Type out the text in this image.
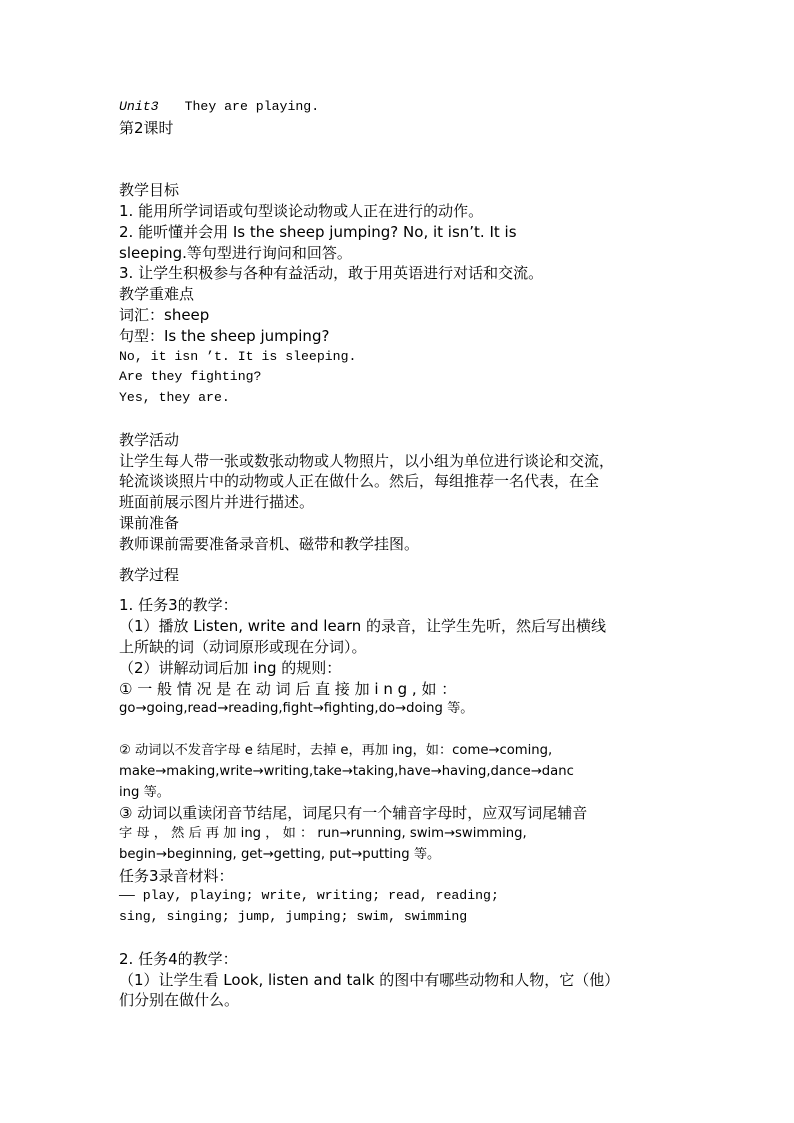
Unit3 They are playing.
第2课时
教学目标
1. 能用所学词语或句型谈论动物或人正在进行的动作。
2. 能听懂并会用 Is the sheep jumping? No, it isn’t. It is
sleeping.等句型进行询问和回答。
3. 让学生积极参与各种有益活动，敢于用英语进行对话和交流。
教学重难点
词汇：sheep
句型：Is the sheep jumping?
No, it isn ’t. It is sleeping.
Are they fighting?
Yes, they are.
教学活动
让学生每人带一张或数张动物或人物照片，以小组为单位进行谈论和交流，
轮流谈谈照片中的动物或人正在做什么。然后，每组推荐一名代表，在全
班面前展示图片并进行描述。
课前准备
教师课前需要准备录音机、磁带和教学挂图。
教学过程
1. 任务3的教学：
（1）播放 Listen, write and learn 的录音，让学生先听，然后写出横线
上所缺的词（动词原形或现在分词）。
（2）讲解动词后加 ing 的规则：
① 一 般 情 况 是 在 动 词 后 直 接 加 i n g , 如 ：
go→going,read→reading,fight→fighting,do→doing 等。
② 动词以不发音字母 e 结尾时，去掉 e，再加 ing，如：come→coming,
make→making,write→writing,take→taking,have→having,dance→danc
ing 等。
③ 动词以重读闭音节结尾，词尾只有一个辅音字母时，应双写词尾辅音
字 母 ， 然 后 再 加 ing ， 如 ： run→running, swim→swimming,
begin→beginning, get→getting, put→putting 等。
任务3录音材料：
—— play, playing; write, writing; read, reading;
sing, singing; jump, jumping; swim, swimming
2. 任务4的教学：
（1）让学生看 Look, listen and talk 的图中有哪些动物和人物，它（他）
们分别在做什么。
